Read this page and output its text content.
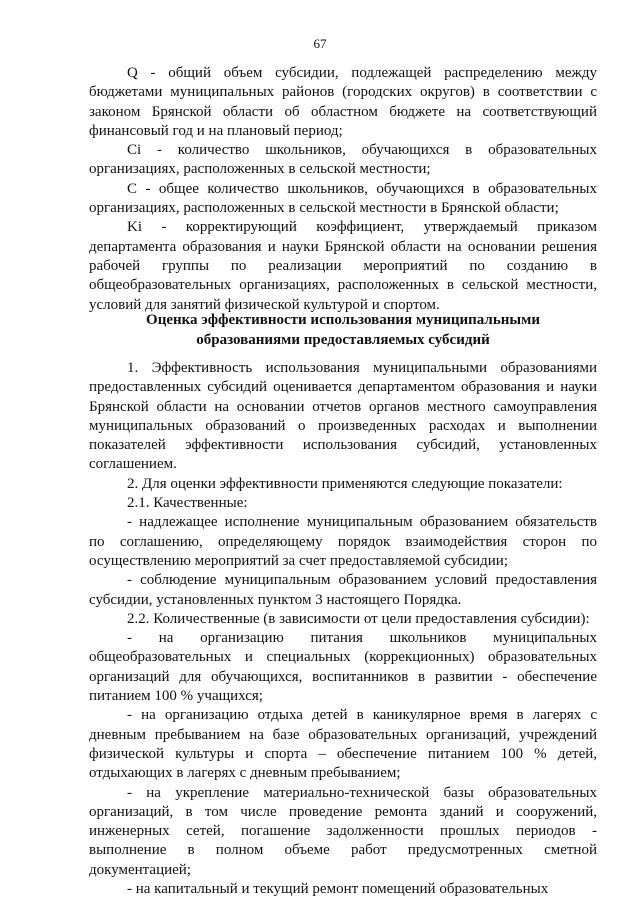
67

Q - общий объем субсидии, подлежащей распределению между бюджетами муниципальных районов (городских округов) в соответствии с законом Брянской области об областном бюджете на соответствующий финансовый год и на плановый период;

Ci - количество школьников, обучающихся в образовательных организациях, расположенных в сельской местности;

C - общее количество школьников, обучающихся в образовательных организациях, расположенных в сельской местности в Брянской области;

Ki - корректирующий коэффициент, утверждаемый приказом департамента образования и науки Брянской области на основании решения рабочей группы по реализации мероприятий по созданию в общеобразовательных организациях, расположенных в сельской местности, условий для занятий физической культурой и спортом.

Оценка эффективности использования муниципальными

образованиями предоставляемых субсидий

1. Эффективность использования муниципальными образованиями предоставленных субсидий оценивается департаментом образования и науки Брянской области на основании отчетов органов местного самоуправления муниципальных образований о произведенных расходах и выполнении показателей эффективности использования субсидий, установленных соглашением.

2. Для оценки эффективности применяются следующие показатели:

2.1. Качественные:

- надлежащее исполнение муниципальным образованием обязательств по соглашению, определяющему порядок взаимодействия сторон по осуществлению мероприятий за счет предоставляемой субсидии;

- соблюдение муниципальным образованием условий предоставления субсидии, установленных пунктом 3 настоящего Порядка.

2.2. Количественные (в зависимости от цели предоставления субсидии):

- на организацию питания школьников муниципальных общеобразовательных и специальных (коррекционных) образовательных организаций для обучающихся, воспитанников в развитии - обеспечение питанием 100 % учащихся;

- на организацию отдыха детей в каникулярное время в лагерях с дневным пребыванием на базе образовательных организаций, учреждений физической культуры и спорта – обеспечение питанием 100 % детей, отдыхающих в лагерях с дневным пребыванием;

- на укрепление материально-технической базы образовательных организаций, в том числе проведение ремонта зданий и сооружений, инженерных сетей, погашение задолженности прошлых периодов - выполнение в полном объеме работ предусмотренных сметной документацией;

- на капитальный и текущий ремонт помещений образовательных
